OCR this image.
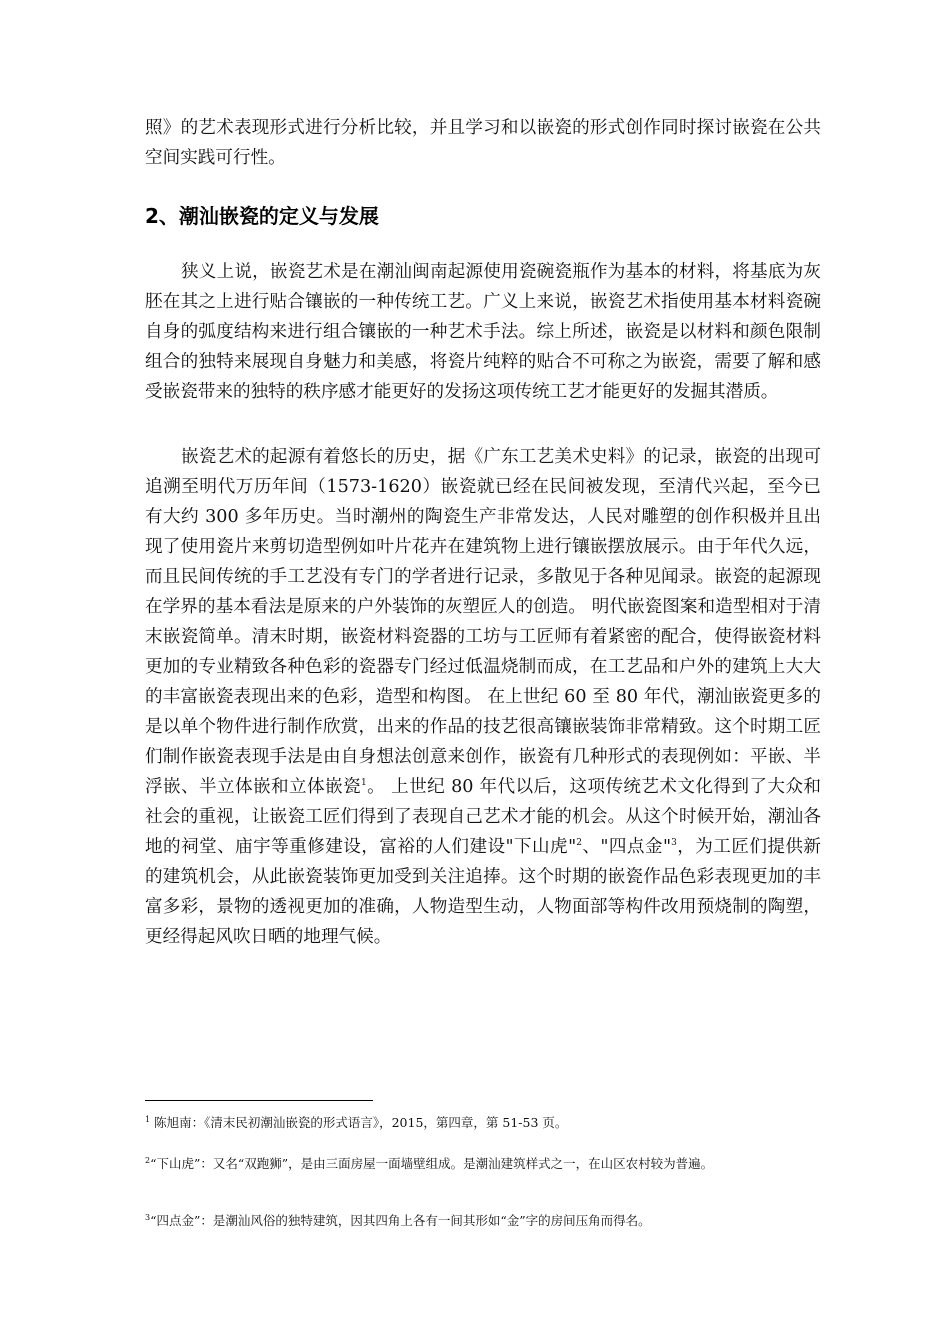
照》的艺术表现形式进行分析比较，并且学习和以嵌瓷的形式创作同时探讨嵌瓷在公共空间实践可行性。

2、潮汕嵌瓷的定义与发展

狭义上说，嵌瓷艺术是在潮汕闽南起源使用瓷碗瓷瓶作为基本的材料，将基底为灰胚在其之上进行贴合镶嵌的一种传统工艺。广义上来说，嵌瓷艺术指使用基本材料瓷碗自身的弧度结构来进行组合镶嵌的一种艺术手法。综上所述，嵌瓷是以材料和颜色限制组合的独特来展现自身魅力和美感，将瓷片纯粹的贴合不可称之为嵌瓷，需要了解和感受嵌瓷带来的独特的秩序感才能更好的发扬这项传统工艺才能更好的发掘其潜质。

嵌瓷艺术的起源有着悠长的历史，据《广东工艺美术史料》的记录，嵌瓷的出现可追溯至明代万历年间（1573-1620）嵌瓷就已经在民间被发现，至清代兴起，至今已有大约 300 多年历史。当时潮州的陶瓷生产非常发达，人民对雕塑的创作积极并且出现了使用瓷片来剪切造型例如叶片花卉在建筑物上进行镶嵌摆放展示。由于年代久远，而且民间传统的手工艺没有专门的学者进行记录，多散见于各种见闻录。嵌瓷的起源现在学界的基本看法是原来的户外装饰的灰塑匠人的创造。 明代嵌瓷图案和造型相对于清末嵌瓷简单。清末时期，嵌瓷材料瓷器的工坊与工匠师有着紧密的配合，使得嵌瓷材料更加的专业精致各种色彩的瓷器专门经过低温烧制而成，在工艺品和户外的建筑上大大的丰富嵌瓷表现出来的色彩，造型和构图。 在上世纪 60 至 80 年代，潮汕嵌瓷更多的是以单个物件进行制作欣赏，出来的作品的技艺很高镶嵌装饰非常精致。这个时期工匠们制作嵌瓷表现手法是由自身想法创意来创作，嵌瓷有几种形式的表现例如：平嵌、半浮嵌、半立体嵌和立体嵌瓷$^1$。 上世纪 80 年代以后，这项传统艺术文化得到了大众和社会的重视，让嵌瓷工匠们得到了表现自己艺术才能的机会。从这个时候开始，潮汕各地的祠堂、庙宇等重修建设，富裕的人们建设"下山虎"$^2$、"四点金"$^3$，为工匠们提供新的建筑机会，从此嵌瓷装饰更加受到关注追捧。这个时期的嵌瓷作品色彩表现更加的丰富多彩，景物的透视更加的准确，人物造型生动，人物面部等构件改用预烧制的陶塑，更经得起风吹日晒的地理气候。

$^1$ 陈旭南：《清末民初潮汕嵌瓷的形式语言》，2015，第四章，第 51-53 页。

$^2$“下山虎”：又名“双跑狮”，是由三面房屋一面墙壁组成。是潮汕建筑样式之一，在山区农村较为普遍。

$^3$“四点金”：是潮汕风俗的独特建筑，因其四角上各有一间其形如“金”字的房间压角而得名。
